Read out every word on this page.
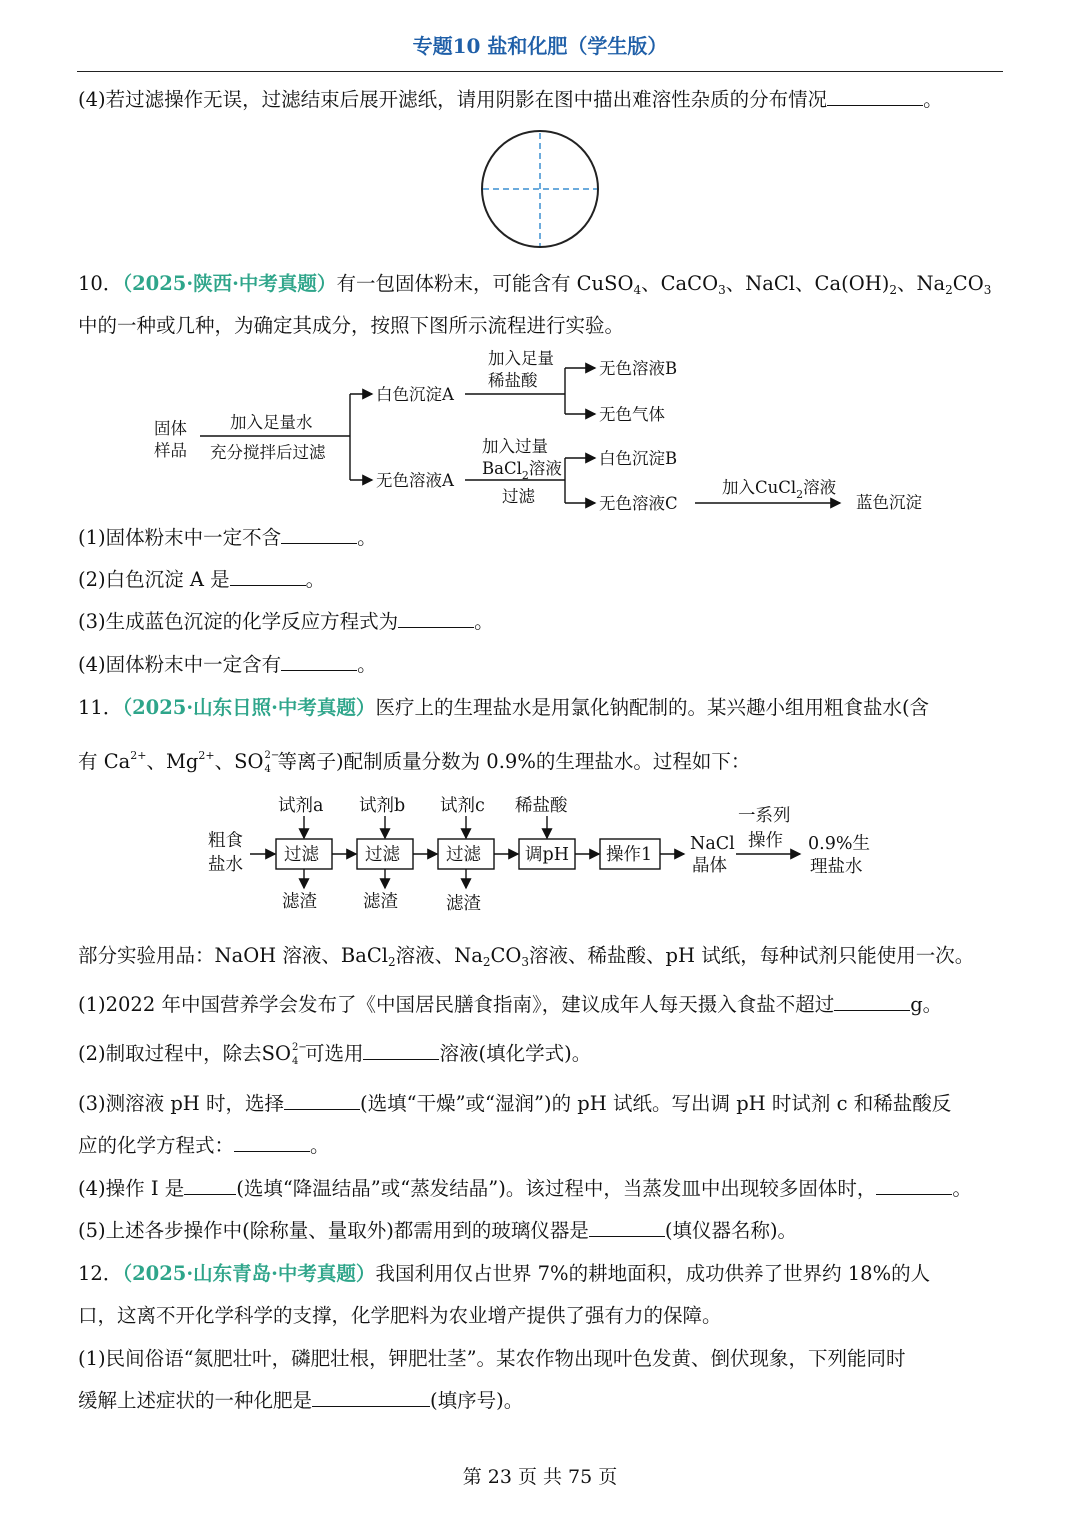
专题10 盐和化肥（学生版）
(4)若过滤操作无误，过滤结束后展开滤纸，请用阴影在图中描出难溶性杂质的分布情况	。
10．（2025·陕西·中考真题）有一包固体粉末，可能含有 CuSO$_4$、CaCO$_3$、NaCl、$Ca(OH)_2$、$Na_2CO_3$
中的一种或几种，为确定其成分，按照下图所示流程进行实验。
固体
样品
加入足量水
充分搅拌后过滤
白色沉淀A
无色溶液A
加入足量
稀盐酸
无色溶液B
无色气体
加入过量
BaCl$_2$溶液
过滤
白色沉淀B
无色溶液C
加入CuCl$_2$溶液
蓝色沉淀
(1)固体粉末中一定不含	。
(2)白色沉淀 A 是	。
(3)生成蓝色沉淀的化学反应方程式为	。
(4)固体粉末中一定含有	。
11．（2025·山东日照·中考真题）医疗上的生理盐水是用氯化钠配制的。某兴趣小组用粗食盐水(含
有 $Ca^{2+}$、$Mg^{2+}$、SO 2−
4 等离子)配制质量分数为 0.9%的生理盐水。过程如下：
粗食
盐水
试剂a 试剂b 试剂c 稀盐酸
过滤	过滤	过滤	调pH 操作1
滤渣	滤渣	滤渣
NaCl
晶体
一系列
操作 0.9%生
理盐水
部分实验用品：NaOH 溶液、BaCl$_2$溶液、$Na_2CO_3$溶液、稀盐酸、pH 试纸，每种试剂只能使用一次。
(1)2022 年中国营养学会发布了《中国居民膳食指南》，建议成年人每天摄入食盐不超过	g。
(2)制取过程中，除去SO 2−
4 可选用	溶液(填化学式)。
(3)测溶液 pH 时，选择	(选填“干燥”或“湿润”)的 pH 试纸。写出调 pH 时试剂 c 和稀盐酸反
应的化学方程式：	。
(4)操作 I 是	(选填“降温结晶”或“蒸发结晶”)。该过程中，当蒸发皿中出现较多固体时，	。
(5)上述各步操作中(除称量、量取外)都需用到的玻璃仪器是	(填仪器名称)。
12．（2025·山东青岛·中考真题）我国利用仅占世界 7%的耕地面积，成功供养了世界约 18%的人
口，这离不开化学科学的支撑，化学肥料为农业增产提供了强有力的保障。
(1)民间俗语“氮肥壮叶，磷肥壮根，钾肥壮茎”。某农作物出现叶色发黄、倒伏现象，下列能同时
缓解上述症状的一种化肥是	(填序号)。
第 23 页 共 75 页
